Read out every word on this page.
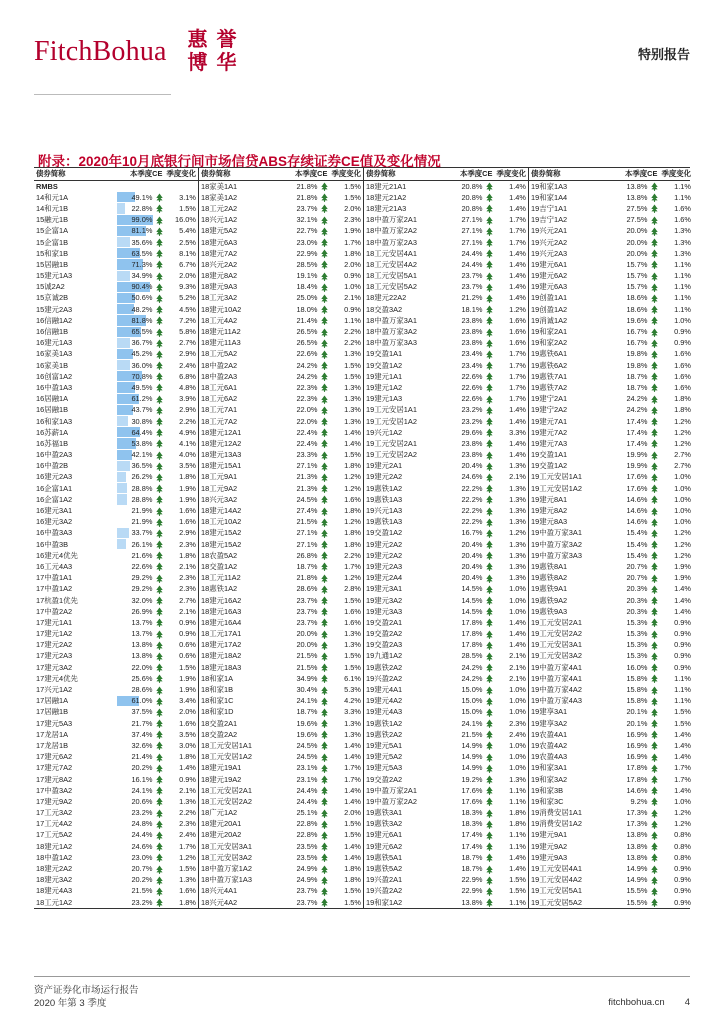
FitchBohua 惠 誉
博 华	特别报告
附录：2020年10月底银行间市场信贷ABS存续证券CE值及变化情况
债券简称	本季度CE 季度变化 债券简称	本季度CE 季度变化 债券简称	本季度CE 季度变化 债券简称	本季度CE 季度变化
RMBS	18家美1A1	21.8%	1.5% 18建元21A1	20.8%	1.4% 19和家1A3	13.8%	1.1%
14和元1A	49.1%	3.1% 18家美1A2	21.8%	1.5% 18建元21A2	20.8%	1.4% 19和家1A4	13.8%	1.1%
14和元1B	22.8%	1.5% 18工元2A2	23.7%	2.0% 18建元21A3	20.8%	1.4% 19吉宁1A1	27.5%	1.6%
15融元1B	99.0%	16.0% 18兴元1A2	32.1%	2.3% 18中盈万家2A1	27.1%	1.7% 19吉宁1A2	27.5%	1.6%
15企富1A	81.1%	5.4% 18建元5A2	22.7%	1.9% 18中盈万家2A2	27.1%	1.7% 19兴元2A1	20.0%	1.3%
15企富1B	35.6%	2.5% 18建元6A3	23.0%	1.7% 18中盈万家2A3	27.1%	1.7% 19兴元2A2	20.0%	1.3%
15和家1B	63.5%	8.1% 18建元7A2	22.9%	1.8% 18工元安居4A1	24.4%	1.4% 19兴元2A3	20.0%	1.3%
15居融1B	71.3%	6.7% 18兴元2A2	28.5%	2.0% 18工元安居4A2	24.4%	1.4% 19建元6A1	15.7%	1.1%
15建元1A3	34.9%	2.0% 18建元8A2	19.1%	0.9% 18工元安居5A1	23.7%	1.4% 19建元6A2	15.7%	1.1%
15诚2A2	90.4%	9.3% 18建元9A3	18.4%	1.0% 18工元安居5A2	23.7%	1.4% 19建元6A3	15.7%	1.1%
15京诚2B	50.6%	5.2% 18工元3A2	25.0%	2.1% 18建元22A2	21.2%	1.4% 19创盈1A1	18.6%	1.1%
15建元2A3	48.2%	4.5% 18建元10A2	18.0%	0.9% 18交盈3A2	18.1%	1.2% 19创盈1A2	18.6%	1.1%
16信融1A2	81.8%	7.2% 18工元4A2	21.4%	1.1% 18中盈万家3A1	23.8%	1.6% 19消诚1A2	19.6%	1.0%
16信融1B	65.5%	5.8% 18建元11A2	26.5%	2.2% 18中盈万家3A2	23.8%	1.6% 19和家2A1	16.7%	0.9%
16建元1A3	36.7%	2.7% 18建元11A3	26.5%	2.2% 18中盈万家3A3	23.8%	1.6% 19和家2A2	16.7%	0.9%
16家美1A3	45.2%	2.9% 18工元5A2	22.6%	1.3% 19交盈1A1	23.4%	1.7% 19惠铁6A1	19.8%	1.6%
16家美1B	36.0%	2.4% 18中盈2A2	24.2%	1.5% 19交盈1A2	23.4%	1.7% 19惠铁6A2	19.8%	1.6%
16创富1A2	70.8%	6.8% 18中盈2A3	24.2%	1.5% 19建元1A1	22.6%	1.7% 19惠铁7A1	18.7%	1.6%
16中盈1A3	49.5%	4.8% 18工元6A1	22.3%	1.3% 19建元1A2	22.6%	1.7% 19惠铁7A2	18.7%	1.6%
16居融1A	61.2%	3.9% 18工元6A2	22.3%	1.3% 19建元1A3	22.6%	1.7% 19建宁2A1	24.2%	1.8%
16居融1B	43.7%	2.9% 18工元7A1	22.0%	1.3% 19工元安居1A1	23.2%	1.4% 19建宁2A2	24.2%	1.8%
16和家1A3	30.8%	2.2% 18工元7A2	22.0%	1.3% 19工元安居1A2	23.2%	1.4% 19建元7A1	17.4%	1.2%
16苏薪1A	64.4%	4.9% 18建元12A1	22.4%	1.4% 19兴元1A2	29.6%	3.3% 19建元7A2	17.4%	1.2%
16苏福1B	53.8%	4.1% 18建元12A2	22.4%	1.4% 19工元安居2A1	23.8%	1.4% 19建元7A3	17.4%	1.2%
16中盈2A3	42.1%	4.0% 18建元13A3	23.3%	1.5% 19工元安居2A2	23.8%	1.4% 19交盈1A1	19.9%	2.7%
16中盈2B	36.5%	3.5% 18建元15A1	27.1%	1.8% 19建元2A1	20.4%	1.3% 19交盈1A2	19.9%	2.7%
16建元2A3	26.2%	1.8% 18工元9A1	21.3%	1.2% 19建元2A2	24.6%	2.1% 19工元安居1A1	17.6%	1.0%
16企富1A1	28.8%	1.9% 18工元9A2	21.3%	1.2% 19惠铁1A2	22.2%	1.3% 19工元安居1A2	17.6%	1.0%
16企富1A2	28.8%	1.9% 18兴元3A2	24.5%	1.6% 19惠铁1A3	22.2%	1.3% 19建元8A1	14.6%	1.0%
16建元3A1	21.9%	1.6% 18建元14A2	27.4%	1.8% 19兴元1A3	22.2%	1.3% 19建元8A2	14.6%	1.0%
16建元3A2	21.9%	1.6% 18工元10A2	21.5%	1.2% 19惠铁1A3	22.2%	1.3% 19建元8A3	14.6%	1.0%
16中盈3A3	33.7%	2.9% 18建元15A2	27.1%	1.8% 19交盈1A2	16.7%	1.2% 19中盈万家3A1	15.4%	1.2%
16中盈3B	26.1%	2.3% 18建元15A2	27.1%	1.8% 19建元2A2	20.4%	1.3% 19中盈万家3A2	15.4%	1.2%
16建元4优先	21.6%	1.8% 18农盈5A2	26.8%	2.2% 19建元2A2	20.4%	1.3% 19中盈万家3A3	15.4%	1.2%
16工元4A3	22.6%	2.1% 18交盈1A2	18.7%	1.7% 19建元2A3	20.4%	1.3% 19惠铁8A1	20.7%	1.9%
17中盈1A1	29.2%	2.3% 18工元11A2	21.8%	1.2% 19建元2A4	20.4%	1.3% 19惠铁8A2	20.7%	1.9%
17中盈1A2	29.2%	2.3% 18惠铁1A2	28.6%	2.8% 19建元3A1	14.5%	1.0% 19惠铁9A1	20.3%	1.4%
17杭盈1优先	32.0%	2.7% 18建元16A2	23.7%	1.5% 19建元3A2	14.5%	1.0% 19惠铁9A2	20.3%	1.4%
17中盈2A2	26.9%	2.1% 18建元16A3	23.7%	1.6% 19建元3A3	14.5%	1.0% 19惠铁9A3	20.3%	1.4%
17建元1A1	13.7%	0.9% 18建元16A4	23.7%	1.6% 19交盈2A1	17.8%	1.4% 19工元安居2A1	15.3%	0.9%
17建元1A2	13.7%	0.9% 18工元17A1	20.0%	1.3% 19交盈2A2	17.8%	1.4% 19工元安居2A2	15.3%	0.9%
17建元2A2	13.8%	0.6% 18建元17A2	20.0%	1.3% 19交盈2A3	17.8%	1.4% 19工元安居3A1	15.3%	0.9%
17建元2A3	13.8%	0.6% 18建元18A2	21.5%	1.5% 19九通1A2	28.5%	2.1% 19工元安居3A2	15.3%	0.9%
17建元3A2	22.0%	1.5% 18建元18A3	21.5%	1.5% 19惠铁2A2	24.2%	2.1% 19中盈万家4A1	16.0%	0.9%
17建元4优先	25.6%	1.9% 18和家1A	34.9%	6.1% 19兴盈2A2	24.2%	2.1% 19中盈万家4A1	15.8%	1.1%
17兴元1A2	28.6%	1.9% 18和家1B	30.4%	5.3% 19建元4A1	15.0%	1.0% 19中盈万家4A2	15.8%	1.1%
17居融1A	61.0%	3.4% 18和家1C	24.1%	4.2% 19建元4A2	15.0%	1.0% 19中盈万家4A3	15.8%	1.1%
17居融1B	37.5%	2.0% 18和家1D	18.7%	3.3% 19建元4A3	15.0%	1.0% 19建享3A1	20.1%	1.5%
17建元5A3	21.7%	1.6% 18交盈2A1	19.6%	1.3% 19惠铁1A2	24.1%	2.3% 19建享3A2	20.1%	1.5%
17龙居1A	37.4%	3.5% 18交盈2A2	19.6%	1.3% 19惠铁2A2	21.5%	2.4% 19农盈4A1	16.9%	1.4%
17龙居1B	32.6%	3.0% 18工元安居1A1	24.5%	1.4% 19建元5A1	14.9%	1.0% 19农盈4A2	16.9%	1.4%
17建元6A2	21.4%	1.8% 18工元安居1A2	24.5%	1.4% 19建元5A2	14.9%	1.0% 19农盈4A3	16.9%	1.4%
17建元7A2	20.2%	1.4% 18建元19A1	23.1%	1.7% 19建元5A3	14.9%	1.0% 19和家3A1	17.8%	1.7%
17建元8A2	16.1%	0.9% 18建元19A2	23.1%	1.7% 19交盈2A2	19.2%	1.3% 19和家3A2	17.8%	1.7%
17中盈3A2	24.1%	2.1% 18工元安居2A1	24.4%	1.4% 19中盈万家2A1	17.6%	1.1% 19和家3B	14.6%	1.4%
17建元9A2	20.6%	1.3% 18工元安居2A2	24.4%	1.4% 19中盈万家2A2	17.6%	1.1% 19和家3C	9.2%	1.0%
17工元3A2	23.2%	2.2% 18广元1A2	25.1%	2.0% 19惠铁3A1	18.3%	1.8% 19消费安居1A1	17.3%	1.2%
17工元4A2	24.8%	2.3% 18建元20A1	22.8%	1.5% 19惠铁3A2	18.3%	1.8% 19消费安居1A2	17.3%	1.2%
17工元5A2	24.4%	2.4% 18建元20A2	22.8%	1.5% 19建元6A1	17.4%	1.1% 19建元9A1	13.8%	0.8%
18建元1A2	24.6%	1.7% 18工元安居3A1	23.5%	1.4% 19建元6A2	17.4%	1.1% 19建元9A2	13.8%	0.8%
18中盈1A2	23.0%	1.2% 18工元安居3A2	23.5%	1.4% 19惠铁5A1	18.7%	1.4% 19建元9A3	13.8%	0.8%
18建元2A2	20.7%	1.5% 18中盈万家1A2	24.9%	1.8% 19惠铁5A2	18.7%	1.4% 19工元安居4A1	14.9%	0.9%
18建元3A2	20.2%	1.3% 18中盈万家1A3	24.9%	1.8% 19兴盈2A1	22.9%	1.5% 19工元安居4A2	14.9%	0.9%
18建元4A3	21.5%	1.6% 18兴元4A1	23.7%	1.5% 19兴盈2A2	22.9%	1.5% 19工元安居5A1	15.5%	0.9%
18工元1A2	23.2%	1.8% 18兴元4A2	23.7%	1.5% 19和家1A2	13.8%	1.1% 19工元安居5A2	15.5%	0.9%
资产证券化市场运行报告
2020 年第 3 季度	fitchbohua.cn 4
